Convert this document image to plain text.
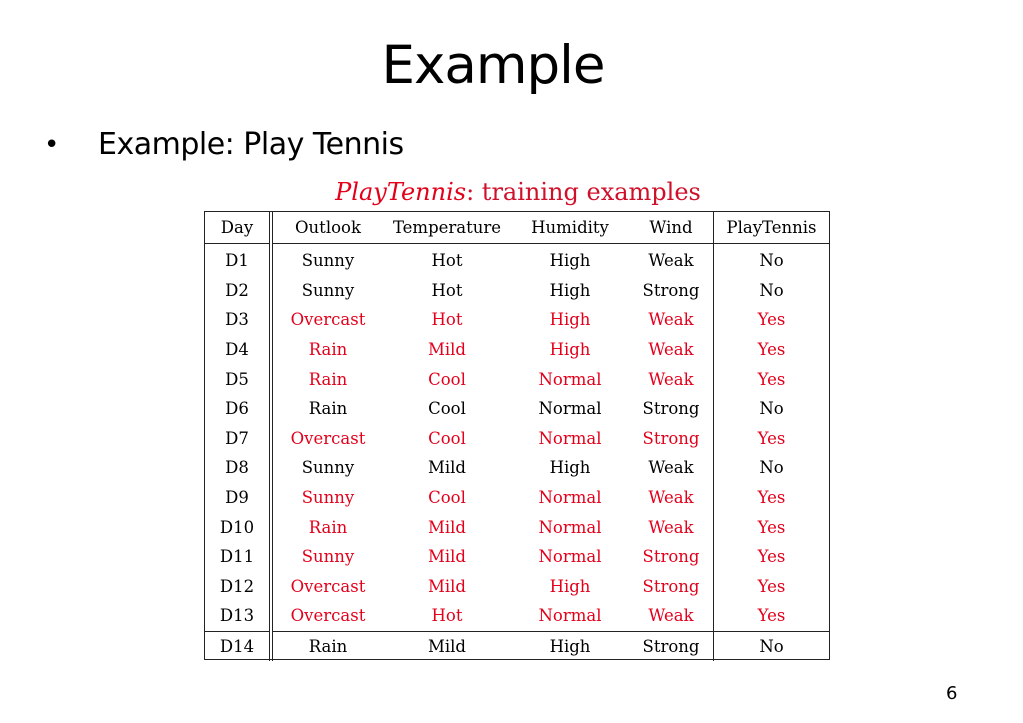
Example
• Example: Play Tennis
PlayTennis: training examples
Day	Outlook	Temperature	Humidity	Wind	PlayTennis
D1	Sunny	Hot	High	Weak	No
D2	Sunny	Hot	High	Strong	No
D3	Overcast	Hot	High	Weak	Yes
D4	Rain	Mild	High	Weak	Yes
D5	Rain	Cool	Normal	Weak	Yes
D6	Rain	Cool	Normal	Strong	No
D7	Overcast	Cool	Normal	Strong	Yes
D8	Sunny	Mild	High	Weak	No
D9	Sunny	Cool	Normal	Weak	Yes
D10	Rain	Mild	Normal	Weak	Yes
D11	Sunny	Mild	Normal	Strong	Yes
D12	Overcast	Mild	High	Strong	Yes
D13	Overcast	Hot	Normal	Weak	Yes
D14	Rain	Mild	High	Strong	No
6
